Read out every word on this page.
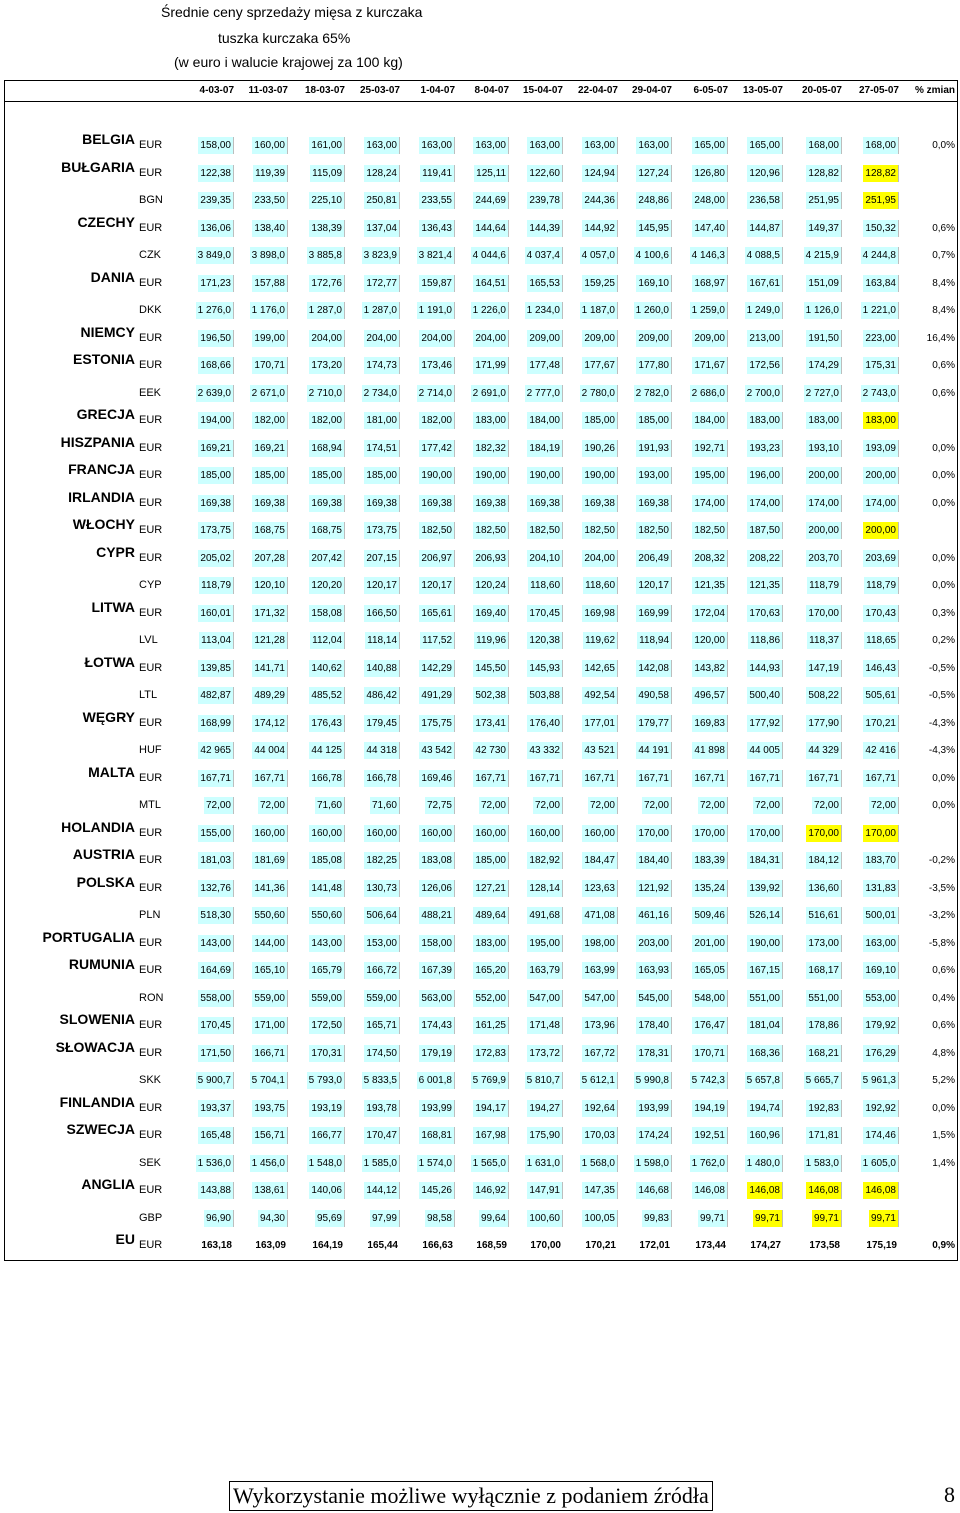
Średnie ceny sprzedaży mięsa z kurczaka
tuszka kurczaka 65%
(w euro i walucie krajowej za 100 kg)
4-03-07	11-03-07	18-03-07	25-03-07	1-04-07	8-04-07	15-04-07	22-04-07	29-04-07	6-05-07	13-05-07	20-05-07	27-05-07	% zmian
BELGIA EUR	158,00	160,00	161,00	163,00	163,00	163,00	163,00	163,00	163,00	165,00	165,00	168,00	168,00	0,0%
BUŁGARIA EUR	122,38	119,39	115,09	128,24	119,41	125,11	122,60	124,94	127,24	126,80	120,96	128,82	128,82
BGN	239,35	233,50	225,10	250,81	233,55	244,69	239,78	244,36	248,86	248,00	236,58	251,95	251,95
CZECHY EUR	136,06	138,40	138,39	137,04	136,43	144,64	144,39	144,92	145,95	147,40	144,87	149,37	150,32	0,6%
CZK	3 849,0	3 898,0	3 885,8	3 823,9	3 821,4	4 044,6	4 037,4	4 057,0	4 100,6	4 146,3	4 088,5	4 215,9	4 244,8	0,7%
DANIA EUR	171,23	157,88	172,76	172,77	159,87	164,51	165,53	159,25	169,10	168,97	167,61	151,09	163,84	8,4%
DKK	1 276,0	1 176,0	1 287,0	1 287,0	1 191,0	1 226,0	1 234,0	1 187,0	1 260,0	1 259,0	1 249,0	1 126,0	1 221,0	8,4%
NIEMCY EUR	196,50	199,00	204,00	204,00	204,00	204,00	209,00	209,00	209,00	209,00	213,00	191,50	223,00	16,4%
ESTONIA EUR	168,66	170,71	173,20	174,73	173,46	171,99	177,48	177,67	177,80	171,67	172,56	174,29	175,31	0,6%
EEK	2 639,0	2 671,0	2 710,0	2 734,0	2 714,0	2 691,0	2 777,0	2 780,0	2 782,0	2 686,0	2 700,0	2 727,0	2 743,0	0,6%
GRECJA EUR	194,00	182,00	182,00	181,00	182,00	183,00	184,00	185,00	185,00	184,00	183,00	183,00	183,00
HISZPANIA EUR	169,21	169,21	168,94	174,51	177,42	182,32	184,19	190,26	191,93	192,71	193,23	193,10	193,09	0,0%
FRANCJA EUR	185,00	185,00	185,00	185,00	190,00	190,00	190,00	190,00	193,00	195,00	196,00	200,00	200,00	0,0%
IRLANDIA EUR	169,38	169,38	169,38	169,38	169,38	169,38	169,38	169,38	169,38	174,00	174,00	174,00	174,00	0,0%
WŁOCHY EUR	173,75	168,75	168,75	173,75	182,50	182,50	182,50	182,50	182,50	182,50	187,50	200,00	200,00
CYPR EUR	205,02	207,28	207,42	207,15	206,97	206,93	204,10	204,00	206,49	208,32	208,22	203,70	203,69	0,0%
CYP	118,79	120,10	120,20	120,17	120,17	120,24	118,60	118,60	120,17	121,35	121,35	118,79	118,79	0,0%
LITWA EUR	160,01	171,32	158,08	166,50	165,61	169,40	170,45	169,98	169,99	172,04	170,63	170,00	170,43	0,3%
LVL	113,04	121,28	112,04	118,14	117,52	119,96	120,38	119,62	118,94	120,00	118,86	118,37	118,65	0,2%
ŁOTWA EUR	139,85	141,71	140,62	140,88	142,29	145,50	145,93	142,65	142,08	143,82	144,93	147,19	146,43	-0,5%
LTL	482,87	489,29	485,52	486,42	491,29	502,38	503,88	492,54	490,58	496,57	500,40	508,22	505,61	-0,5%
WĘGRY EUR	168,99	174,12	176,43	179,45	175,75	173,41	176,40	177,01	179,77	169,83	177,92	177,90	170,21	-4,3%
HUF	42 965	44 004	44 125	44 318	43 542	42 730	43 332	43 521	44 191	41 898	44 005	44 329	42 416	-4,3%
MALTA EUR	167,71	167,71	166,78	166,78	169,46	167,71	167,71	167,71	167,71	167,71	167,71	167,71	167,71	0,0%
MTL	72,00	72,00	71,60	71,60	72,75	72,00	72,00	72,00	72,00	72,00	72,00	72,00	72,00	0,0%
HOLANDIA EUR	155,00	160,00	160,00	160,00	160,00	160,00	160,00	160,00	170,00	170,00	170,00	170,00	170,00
AUSTRIA EUR	181,03	181,69	185,08	182,25	183,08	185,00	182,92	184,47	184,40	183,39	184,31	184,12	183,70	-0,2%
POLSKA EUR	132,76	141,36	141,48	130,73	126,06	127,21	128,14	123,63	121,92	135,24	139,92	136,60	131,83	-3,5%
PLN	518,30	550,60	550,60	506,64	488,21	489,64	491,68	471,08	461,16	509,46	526,14	516,61	500,01	-3,2%
PORTUGALIA EUR	143,00	144,00	143,00	153,00	158,00	183,00	195,00	198,00	203,00	201,00	190,00	173,00	163,00	-5,8%
RUMUNIA EUR	164,69	165,10	165,79	166,72	167,39	165,20	163,79	163,99	163,93	165,05	167,15	168,17	169,10	0,6%
RON	558,00	559,00	559,00	559,00	563,00	552,00	547,00	547,00	545,00	548,00	551,00	551,00	553,00	0,4%
SLOWENIA EUR	170,45	171,00	172,50	165,71	174,43	161,25	171,48	173,96	178,40	176,47	181,04	178,86	179,92	0,6%
SŁOWACJA EUR	171,50	166,71	170,31	174,50	179,19	172,83	173,72	167,72	178,31	170,71	168,36	168,21	176,29	4,8%
SKK	5 900,7	5 704,1	5 793,0	5 833,5	6 001,8	5 769,9	5 810,7	5 612,1	5 990,8	5 742,3	5 657,8	5 665,7	5 961,3	5,2%
FINLANDIA EUR	193,37	193,75	193,19	193,78	193,99	194,17	194,27	192,64	193,99	194,19	194,74	192,83	192,92	0,0%
SZWECJA EUR	165,48	156,71	166,77	170,47	168,81	167,98	175,90	170,03	174,24	192,51	160,96	171,81	174,46	1,5%
SEK	1 536,0	1 456,0	1 548,0	1 585,0	1 574,0	1 565,0	1 631,0	1 568,0	1 598,0	1 762,0	1 480,0	1 583,0	1 605,0	1,4%
ANGLIA EUR	143,88	138,61	140,06	144,12	145,26	146,92	147,91	147,35	146,68	146,08	146,08	146,08	146,08
GBP	96,90	94,30	95,69	97,99	98,58	99,64	100,60	100,05	99,83	99,71	99,71	99,71	99,71
EU EUR	163,18	163,09	164,19	165,44	166,63	168,59	170,00	170,21	172,01	173,44	174,27	173,58	175,19	0,9%
Wykorzystanie możliwe wyłącznie z podaniem źródła	8
